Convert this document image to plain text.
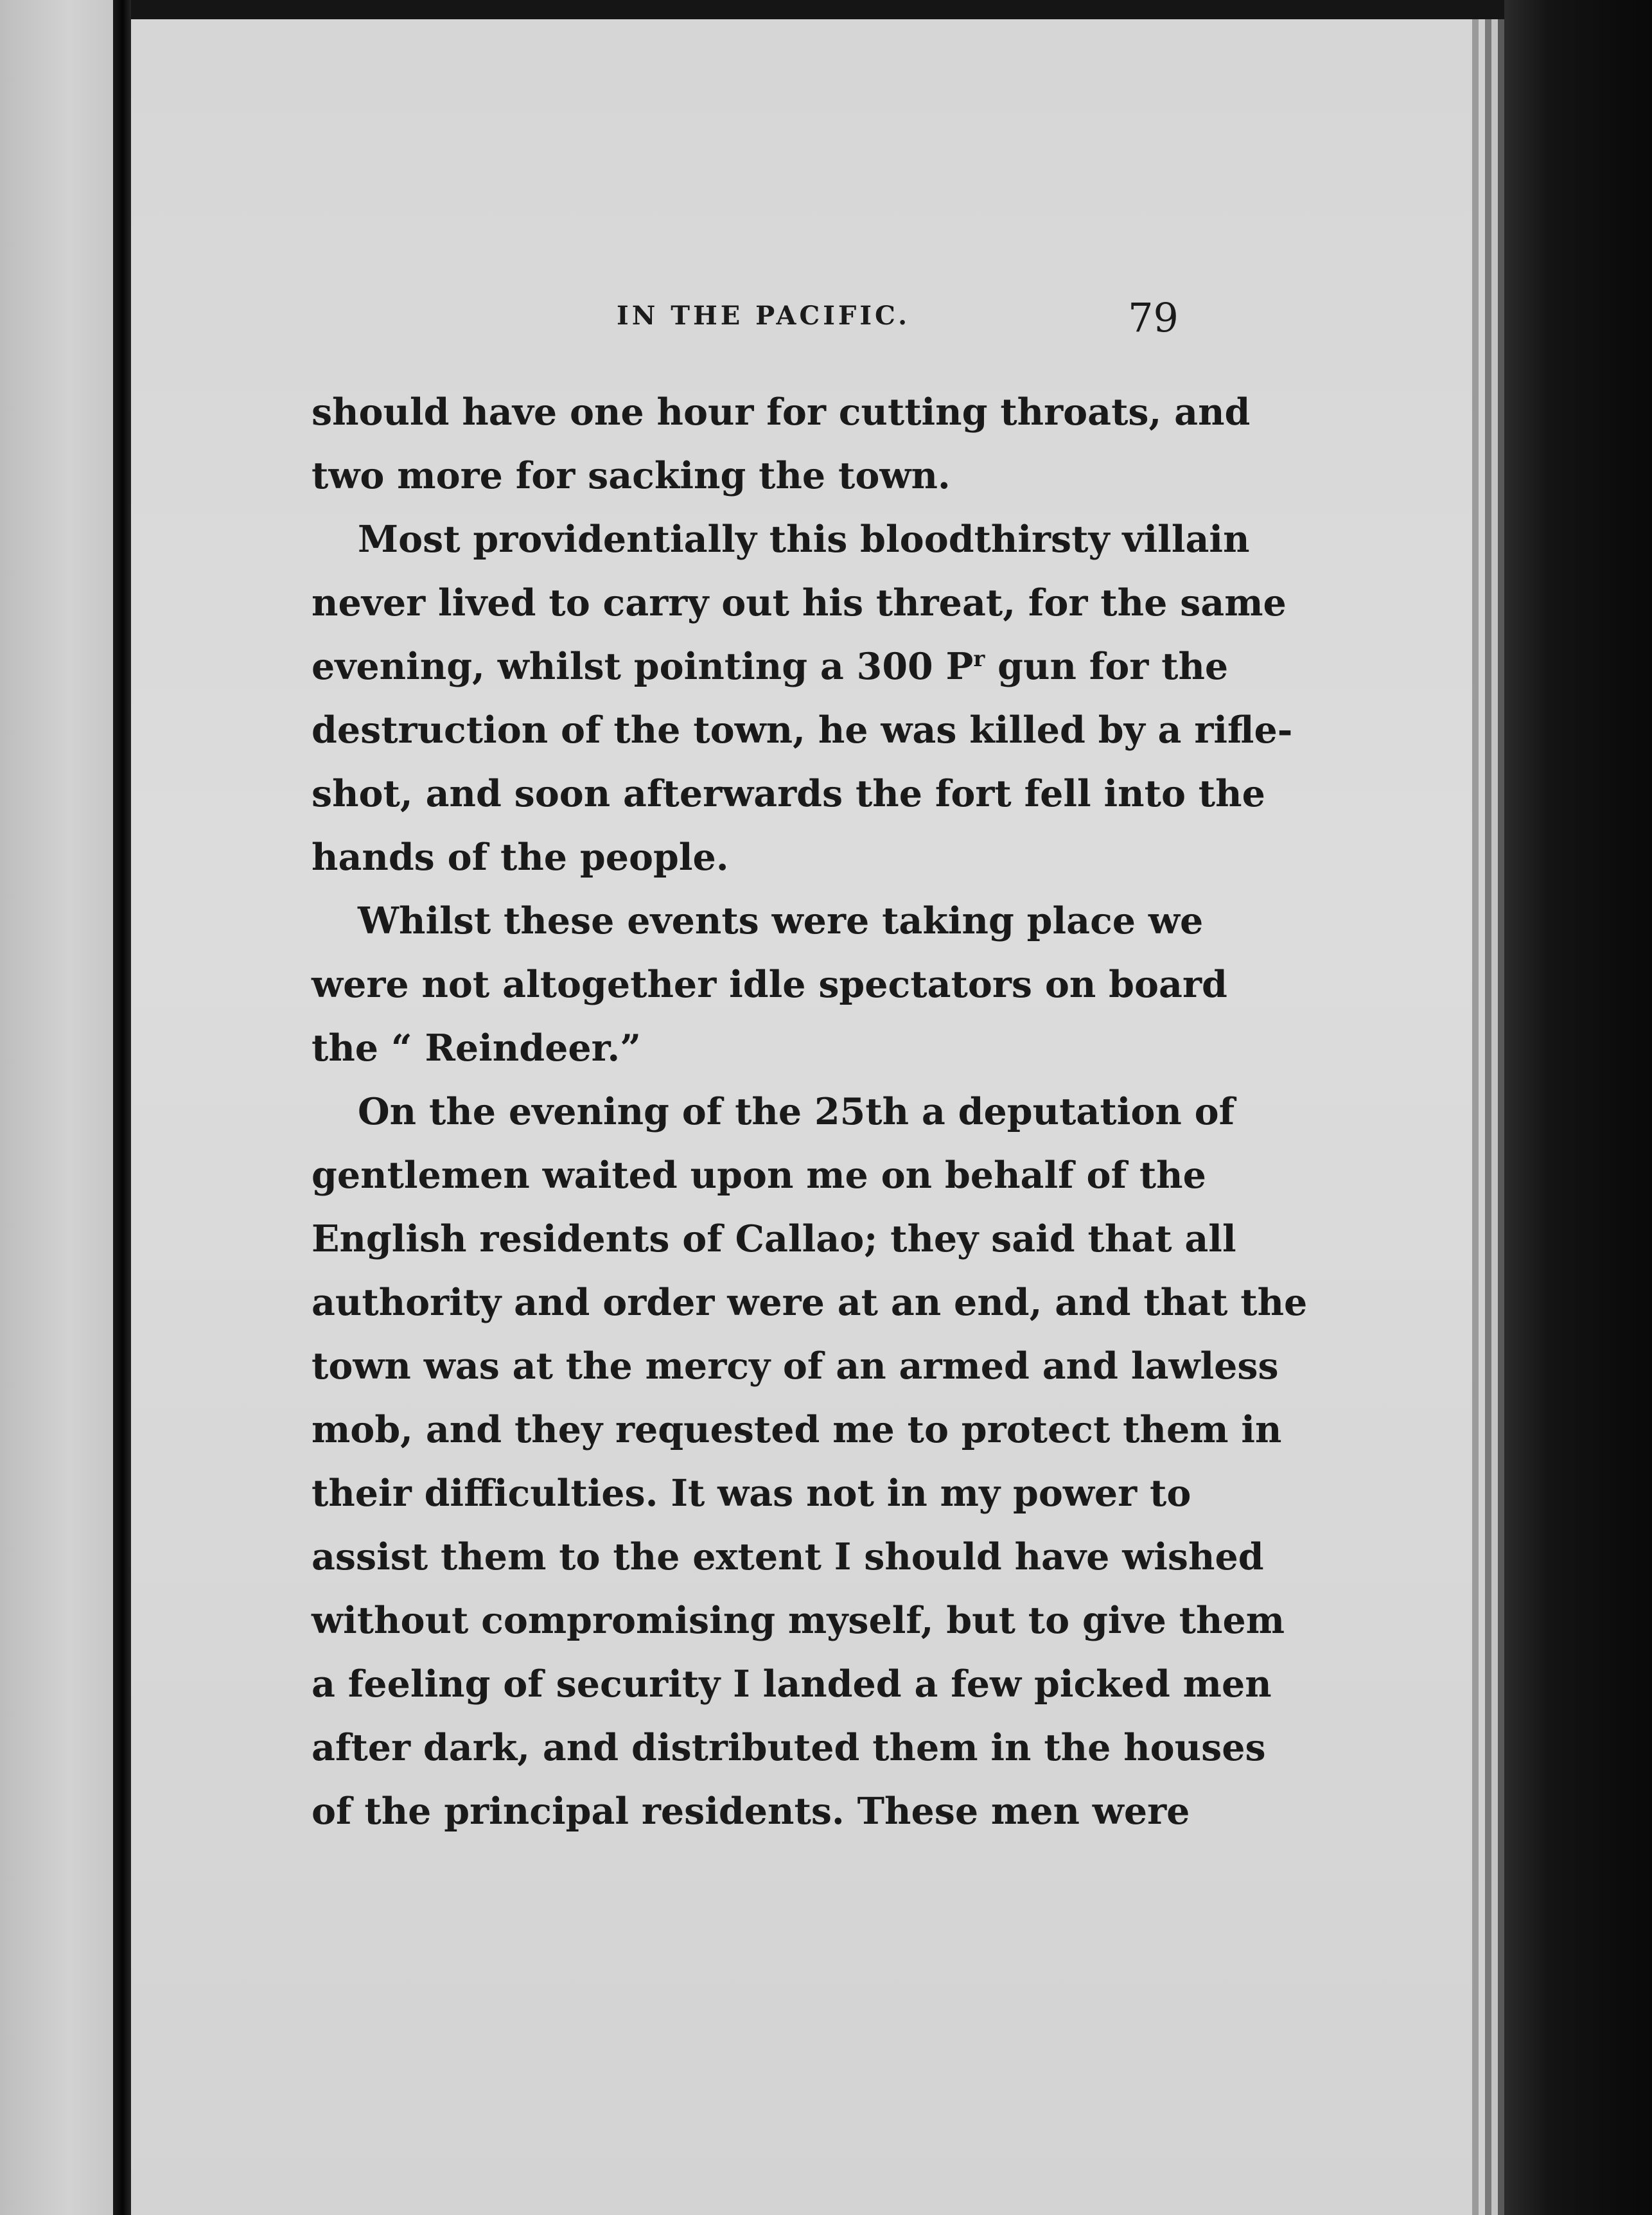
IN THE PACIFIC.	79
should have one hour for cutting throats, and
two more for sacking the town.
Most providentially this bloodthirsty villain
never lived to carry out his threat, for the same
evening, whilst pointing a 300 $P^r$ gun for the
destruction of the town, he was killed by a rifle-
shot, and soon afterwards the fort fell into the
hands of the people.
Whilst these events were taking place we
were not altogether idle spectators on board
the “ Reindeer.”
On the evening of the 25th a deputation of
gentlemen waited upon me on behalf of the
English residents of Callao; they said that all
authority and order were at an end, and that the
town was at the mercy of an armed and lawless
mob, and they requested me to protect them in
their difficulties. It was not in my power to
assist them to the extent I should have wished
without compromising myself, but to give them
a feeling of security I landed a few picked men
after dark, and distributed them in the houses
of the principal residents. These men were
